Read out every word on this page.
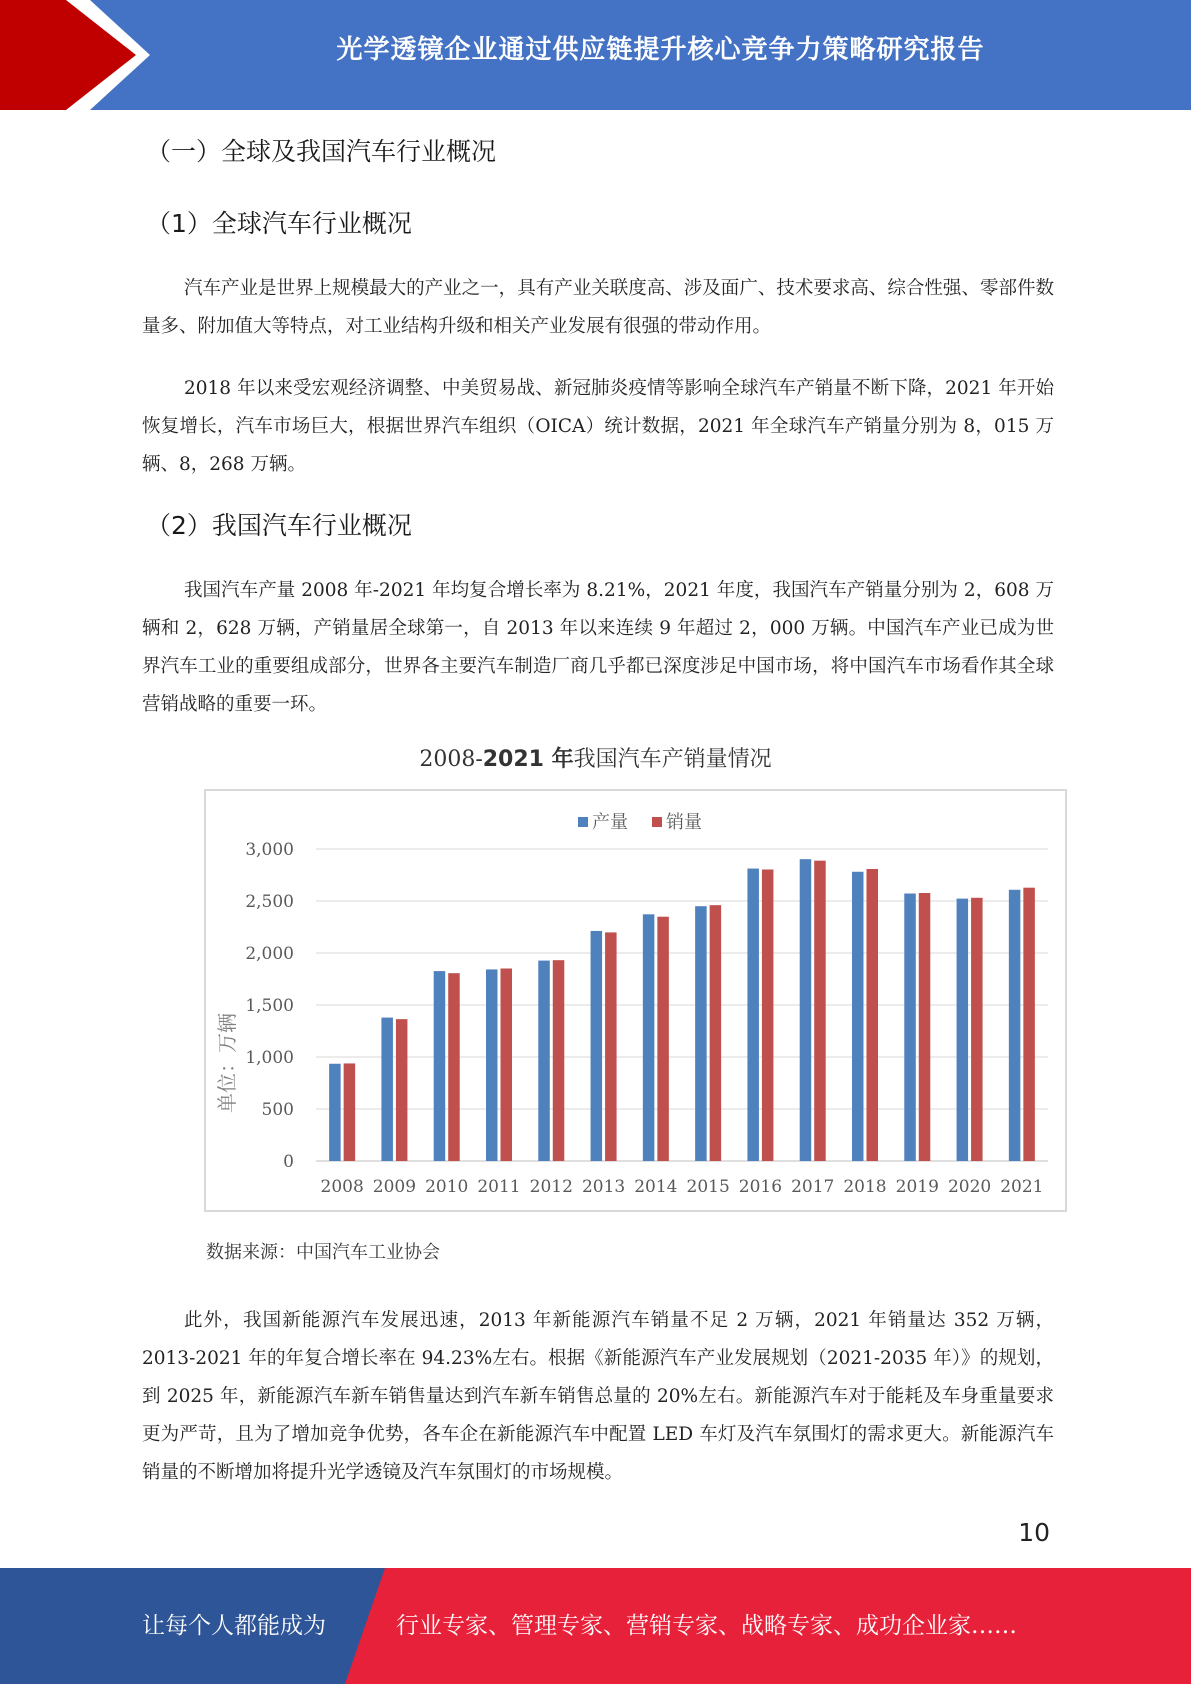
光学透镜企业通过供应链提升核心竞争力策略研究报告
（一）全球及我国汽车行业概况
（1）全球汽车行业概况
汽车产业是世界上规模最大的产业之一，具有产业关联度高、涉及面广、技术要求高、综合性强、零部件数量多、附加值大等特点，对工业结构升级和相关产业发展有很强的带动作用。
2018 年以来受宏观经济调整、中美贸易战、新冠肺炎疫情等影响全球汽车产销量不断下降，2021 年开始恢复增长，汽车市场巨大，根据世界汽车组织（OICA）统计数据，2021 年全球汽车产销量分别为 8，015 万辆、8，268 万辆。
（2）我国汽车行业概况
我国汽车产量 2008 年-2021 年均复合增长率为 8.21%，2021 年度，我国汽车产销量分别为 2，608 万辆和 2，628 万辆，产销量居全球第一，自 2013 年以来连续 9 年超过 2，000 万辆。中国汽车产业已成为世界汽车工业的重要组成部分，世界各主要汽车制造厂商几乎都已深度涉足中国市场，将中国汽车市场看作其全球营销战略的重要一环。
2008-2021 年我国汽车产销量情况
0
500
1,000
1,500
2,000
2,500
3,000
单位：万辆
2008 2009 2010 2011 2012 2013 2014 2015 2016 2017 2018 2019 2020 2021
产量 销量
数据来源：中国汽车工业协会
此外，我国新能源汽车发展迅速，2013 年新能源汽车销量不足 2 万辆，2021 年销量达 352 万辆，2013-2021 年的年复合增长率在 94.23%左右。根据《新能源汽车产业发展规划（2021-2035 年）》的规划，到 2025 年，新能源汽车新车销售量达到汽车新车销售总量的 20%左右。新能源汽车对于能耗及车身重量要求更为严苛，且为了增加竞争优势，各车企在新能源汽车中配置 LED 车灯及汽车氛围灯的需求更大。新能源汽车销量的不断增加将提升光学透镜及汽车氛围灯的市场规模。
10
让每个人都能成为	行业专家、管理专家、营销专家、战略专家、成功企业家……
